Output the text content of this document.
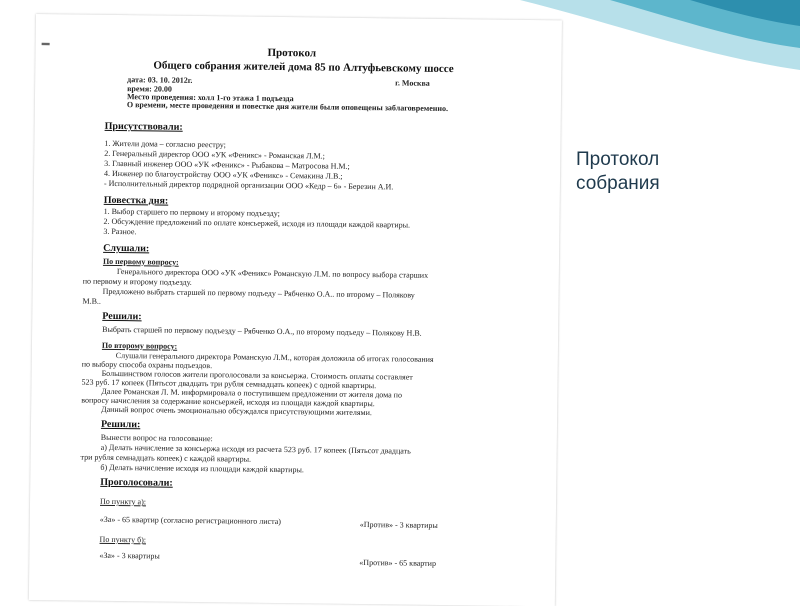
Протокол
собрания
▬
Протокол
Общего собрания жителей дома 85 по Алтуфьевскому шоссе
дата: 03. 10. 2012г.	г. Москва
время: 20.00
Место проведения: холл 1-го этажа 1 подъезда
О времени, месте проведения и повестке дня жители были оповещены заблаговременно.
Присутствовали:
1. Жители дома – согласно реестру;
2. Генеральный директор ООО «УК «Феникс» - Романская Л.М.;
3. Главный инженер ООО «УК «Феникс» - Рыбакова – Матросова Н.М.;
4. Инженер по благоустройству ООО «УК «Феникс» - Семакина Л.В.;
- Исполнительный директор подрядной организации ООО «Кедр – 6» - Березин А.И.
Повестка дня:
1. Выбор старшего по первому и второму подъезду;
2. Обсуждение предложений по оплате консьержей, исходя из площади каждой квартиры.
3. Разное.
Слушали:
По первому вопросу:
Генерального директора ООО «УК «Феникс» Романскую Л.М. по вопросу выбора старших
по первому и второму подъезду.
Предложено выбрать старшей по первому подъеду – Рябченко О.А.. по второму – Полякову
М.В..
Решили:
Выбрать старшей по первому подъезду – Рябченко О.А., по второму подъеду – Полякову Н.В.
По второму вопросу:
Слушали генерального директора Романскую Л.М., которая доложила об итогах голосования
по выбору способа охраны подъездов.
Большинством голосов жители проголосовали за консьержа. Стоимость оплаты составляет
523 руб. 17 копеек (Пятьсот двадцать три рубля семнадцать копеек) с одной квартиры.
Далее Романская Л. М. информировала о поступившем предложении от жителя дома по
вопросу начисления за содержание консьержей, исходя из площади каждой квартиры.
Данный вопрос очень эмоционально обсуждался присутствующими жителями.
Решили:
Вынести вопрос на голосование:
а) Делать начисление за консьержа исходя из расчета 523 руб. 17 копеек (Пятьсот двадцать
три рубля семнадцать копеек) с каждой квартиры.
б) Делать начисление исходя из площади каждой квартиры.
Проголосовали:
По пункту а):
«За» - 65 квартир (согласно регистрационного листа)	«Против» - 3 квартиры
По пункту б):
«За» - 3 квартиры
«Против» - 65 квартир
